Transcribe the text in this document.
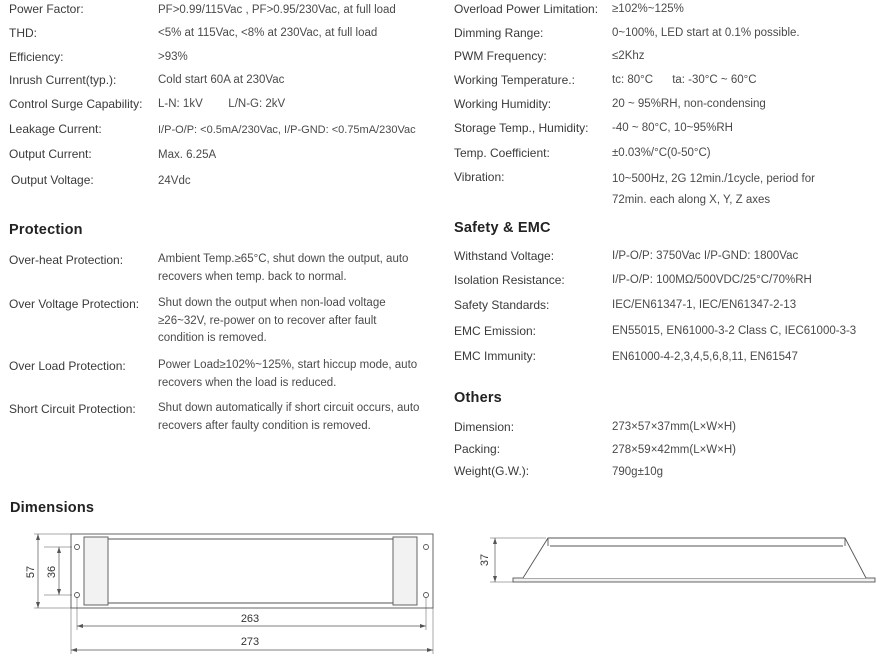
Power Factor:	PF>0.99/115Vac , PF>0.95/230Vac, at full load
THD:	<5% at 115Vac, <8% at 230Vac, at full load
Efficiency:	>93%
Inrush Current(typ.):	Cold start 60A at 230Vac
Control Surge Capability: L-N: 1kV        L/N-G: 2kV
Leakage Current:	I/P-O/P: <0.5mA/230Vac, I/P-GND: <0.75mA/230Vac
Output Current:	Max. 6.25A
Output Voltage:	24Vdc
Protection
Over-heat Protection:	Ambient Temp.≥65°C, shut down the output, auto recovers when temp. back to normal.
Over Voltage Protection: Shut down the output when non-load voltage ≥26~32V, re-power on to recover after fault condition is removed.
Over Load Protection:	Power Load≥102%~125%, start hiccup mode, auto recovers when the load is reduced.
Short Circuit Protection: Shut down automatically if short circuit occurs, auto recovers after faulty condition is removed.
Overload Power Limitation: ≥102%~125%
Dimming Range:	0~100%, LED start at 0.1% possible.
PWM Frequency:	≤2Khz
Working Temperature.:	tc: 80°C      ta: -30°C ~ 60°C
Working Humidity:	20 ~ 95%RH, non-condensing
Storage Temp., Humidity: -40 ~ 80°C, 10~95%RH
Temp. Coefficient:	±0.03%/°C(0-50°C)
Vibration:	10~500Hz, 2G 12min./1cycle, period for 72min. each along X, Y, Z axes
Safety & EMC
Withstand Voltage:	I/P-O/P: 3750Vac I/P-GND: 1800Vac
Isolation Resistance:	I/P-O/P: 100MΩ/500VDC/25°C/70%RH
Safety Standards:	IEC/EN61347-1, IEC/EN61347-2-13
EMC Emission:	EN55015, EN61000-3-2 Class C, IEC61000-3-3
EMC Immunity:	EN61000-4-2,3,4,5,6,8,11, EN61547
Others
Dimension:	273×57×37mm(L×W×H)
Packing:	278×59×42mm(L×W×H)
Weight(G.W.):	790g±10g
Dimensions
57 36
263
273
37
